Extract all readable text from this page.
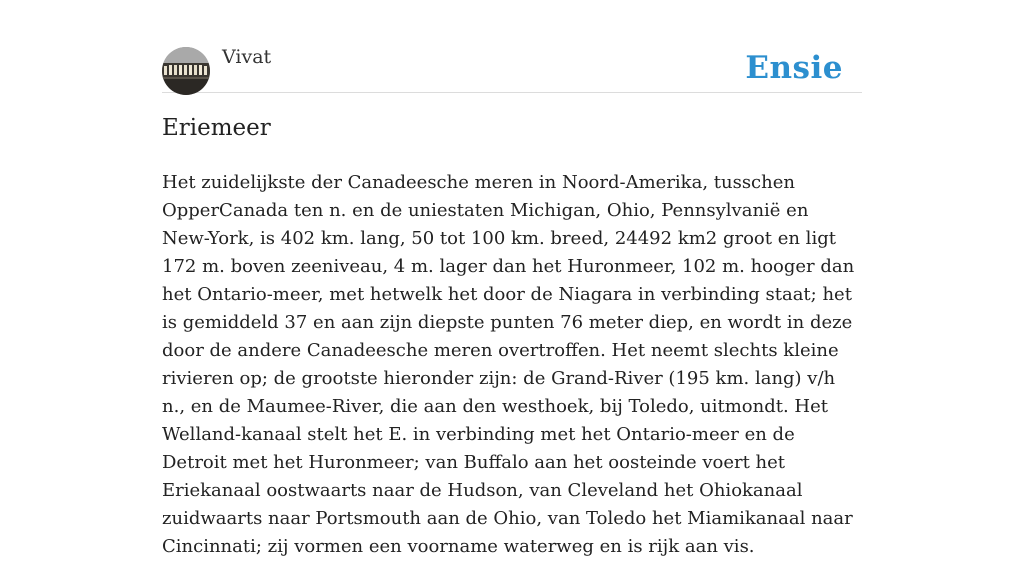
Vivat	Ensie
Eriemeer

Het zuidelijkste der Canadeesche meren in Noord-Amerika, tusschen OpperCanada ten n. en de uniestaten Michigan, Ohio, Pennsylvanië en New-York, is 402 km. lang, 50 tot 100 km. breed, 24492 km2 groot en ligt 172 m. boven zeeniveau, 4 m. lager dan het Huronmeer, 102 m. hooger dan het Ontario-meer, met hetwelk het door de Niagara in verbinding staat; het is gemiddeld 37 en aan zijn diepste punten 76 meter diep, en wordt in deze door de andere Canadeesche meren overtroffen. Het neemt slechts kleine rivieren op; de grootste hieronder zijn: de Grand-River (195 km. lang) v/h n., en de Maumee-River, die aan den westhoek, bij Toledo, uitmondt. Het Welland-kanaal stelt het E. in verbinding met het Ontario-meer en de Detroit met het Huronmeer; van Buffalo aan het oosteinde voert het Eriekanaal oostwaarts naar de Hudson, van Cleveland het Ohiokanaal zuidwaarts naar Portsmouth aan de Ohio, van Toledo het Miamikanaal naar Cincinnati; zij vormen een voorname waterweg en is rijk aan vis.
